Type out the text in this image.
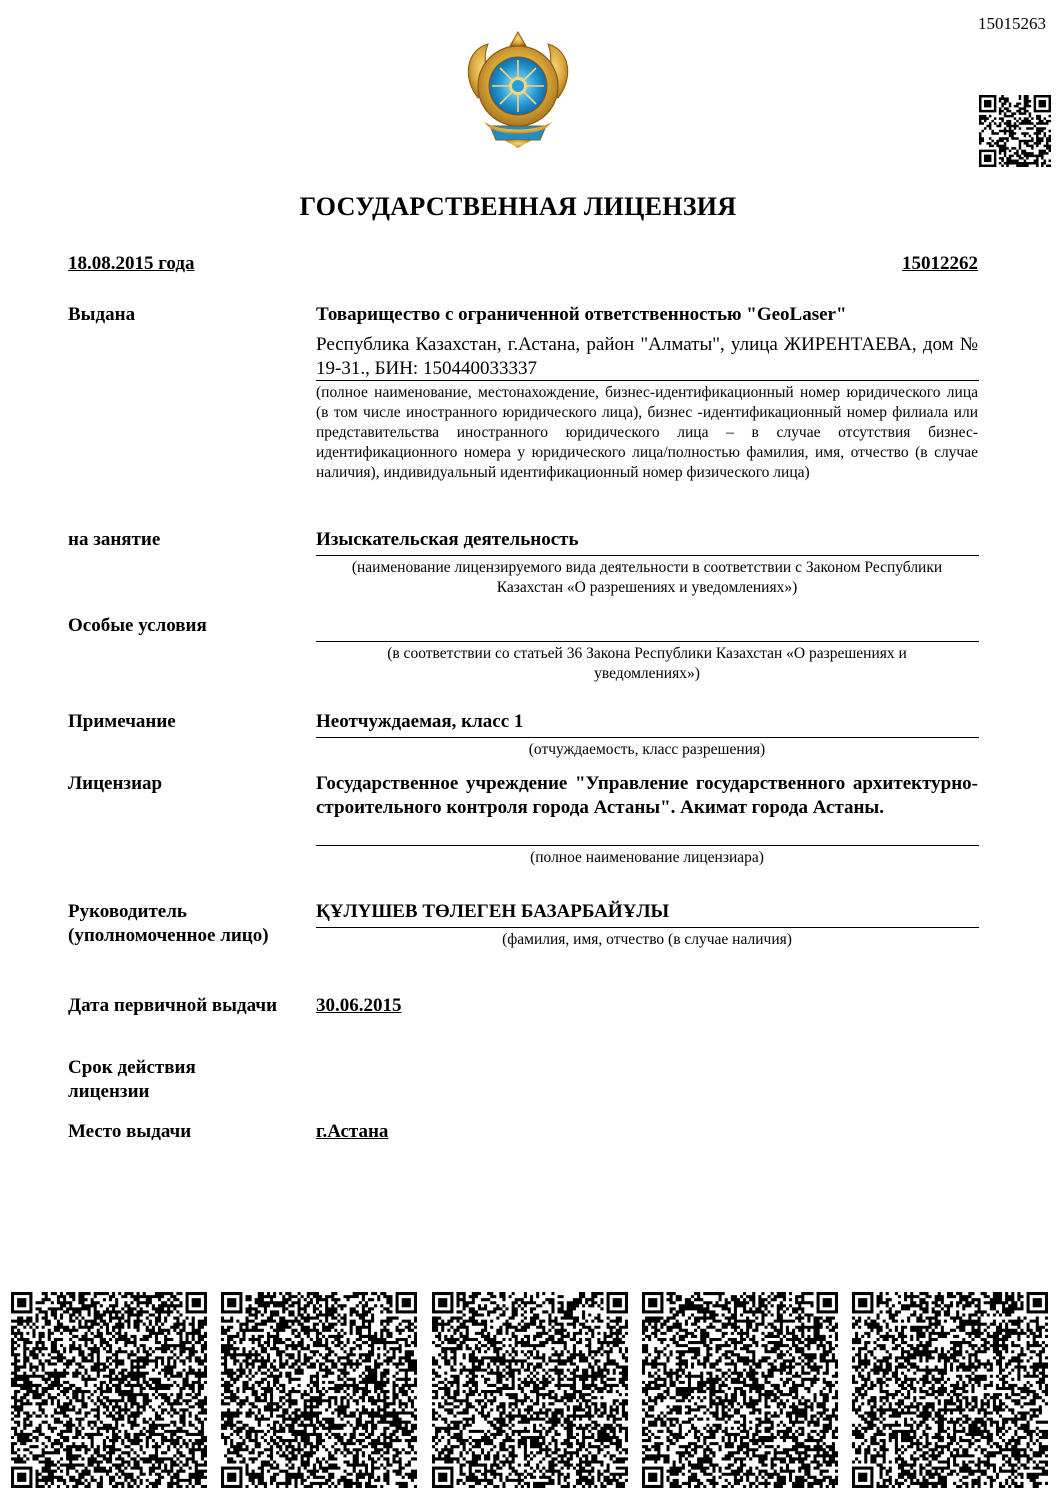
15015263
ГОСУДАРСТВЕННАЯ ЛИЦЕНЗИЯ
18.08.2015 года	15012262
Выдана	Товарищество с ограниченной ответственностью "GeoLaser"
Республика Казахстан, г.Астана, район "Алматы", улица ЖИРЕНТАЕВА, дом № 19-31., БИН: 150440033337
(полное наименование, местонахождение, бизнес-идентификационный номер юридического лица (в том числе иностранного юридического лица), бизнес -идентификационный номер филиала или представительства иностранного юридического лица – в случае отсутствия бизнес-идентификационного номера у юридического лица/полностью фамилия, имя, отчество (в случае наличия), индивидуальный идентификационный номер физического лица)
на занятие	Изыскательская деятельность
(наименование лицензируемого вида деятельности в соответствии с Законом Республики Казахстан «О разрешениях и уведомлениях»)
Особые условия
(в соответствии со статьей 36 Закона Республики Казахстан «О разрешениях и уведомлениях»)
Примечание	Неотчуждаемая, класс 1
(отчуждаемость, класс разрешения)
Лицензиар	Государственное учреждение "Управление государственного архитектурно-строительного контроля города Астаны". Акимат города Астаны.
(полное наименование лицензиара)
Руководитель
(уполномоченное лицо)
ҚҰЛҮШЕВ ТӨЛЕГЕН БАЗАРБАЙҰЛЫ
(фамилия, имя, отчество (в случае наличия)
Дата первичной выдачи 30.06.2015
Срок действия
лицензии
Место выдачи	г.Астана
